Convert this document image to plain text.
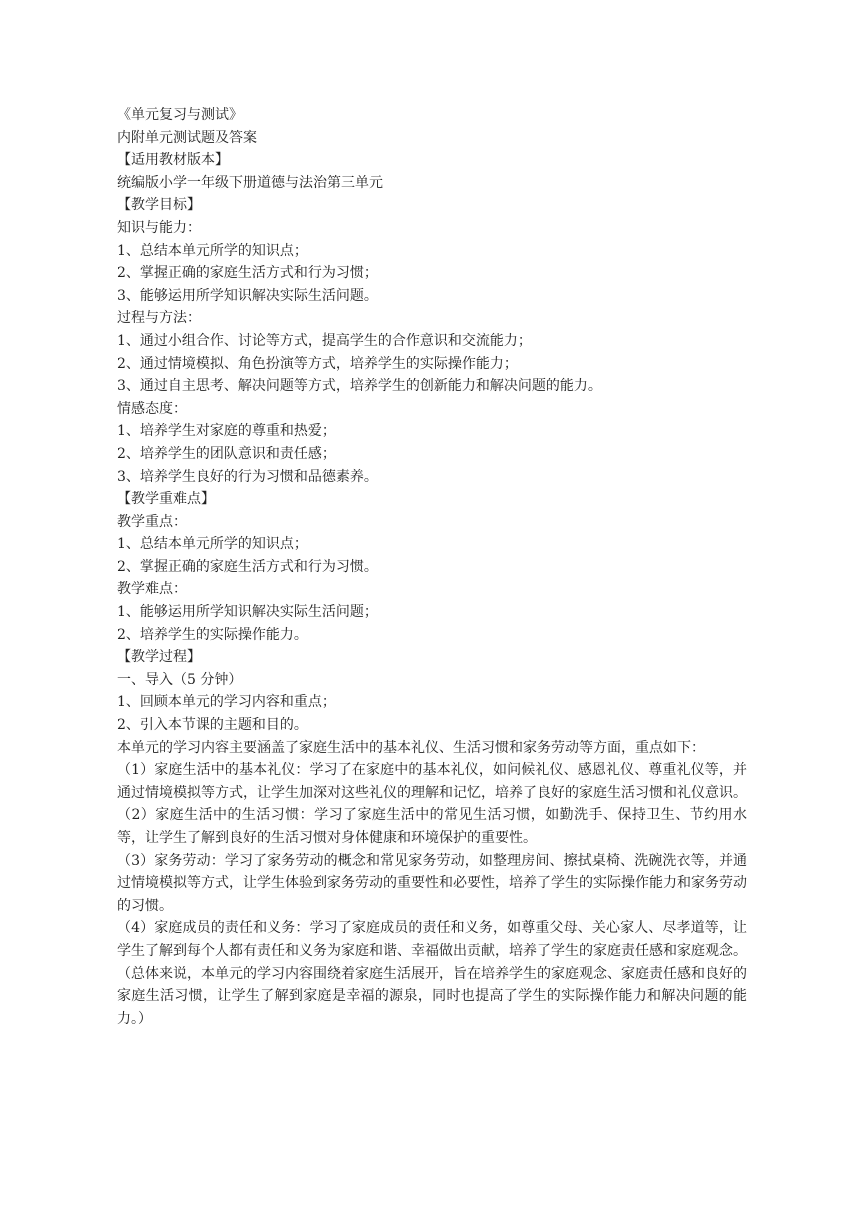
《单元复习与测试》
内附单元测试题及答案
【适用教材版本】
统编版小学一年级下册道德与法治第三单元
【教学目标】
知识与能力：
1、总结本单元所学的知识点；
2、掌握正确的家庭生活方式和行为习惯；
3、能够运用所学知识解决实际生活问题。
过程与方法：
1、通过小组合作、讨论等方式，提高学生的合作意识和交流能力；
2、通过情境模拟、角色扮演等方式，培养学生的实际操作能力；
3、通过自主思考、解决问题等方式，培养学生的创新能力和解决问题的能力。
情感态度：
1、培养学生对家庭的尊重和热爱；
2、培养学生的团队意识和责任感；
3、培养学生良好的行为习惯和品德素养。
【教学重难点】
教学重点：
1、总结本单元所学的知识点；
2、掌握正确的家庭生活方式和行为习惯。
教学难点：
1、能够运用所学知识解决实际生活问题；
2、培养学生的实际操作能力。
【教学过程】
一、导入（5 分钟）
1、回顾本单元的学习内容和重点；
2、引入本节课的主题和目的。
本单元的学习内容主要涵盖了家庭生活中的基本礼仪、生活习惯和家务劳动等方面，重点如下：
（1）家庭生活中的基本礼仪：学习了在家庭中的基本礼仪，如问候礼仪、感恩礼仪、尊重礼仪等，并通过情境模拟等方式，让学生加深对这些礼仪的理解和记忆，培养了良好的家庭生活习惯和礼仪意识。
（2）家庭生活中的生活习惯：学习了家庭生活中的常见生活习惯，如勤洗手、保持卫生、节约用水等，让学生了解到良好的生活习惯对身体健康和环境保护的重要性。
（3）家务劳动：学习了家务劳动的概念和常见家务劳动，如整理房间、擦拭桌椅、洗碗洗衣等，并通过情境模拟等方式，让学生体验到家务劳动的重要性和必要性，培养了学生的实际操作能力和家务劳动的习惯。
（4）家庭成员的责任和义务：学习了家庭成员的责任和义务，如尊重父母、关心家人、尽孝道等，让学生了解到每个人都有责任和义务为家庭和谐、幸福做出贡献，培养了学生的家庭责任感和家庭观念。
（总体来说，本单元的学习内容围绕着家庭生活展开，旨在培养学生的家庭观念、家庭责任感和良好的家庭生活习惯，让学生了解到家庭是幸福的源泉，同时也提高了学生的实际操作能力和解决问题的能力。）
